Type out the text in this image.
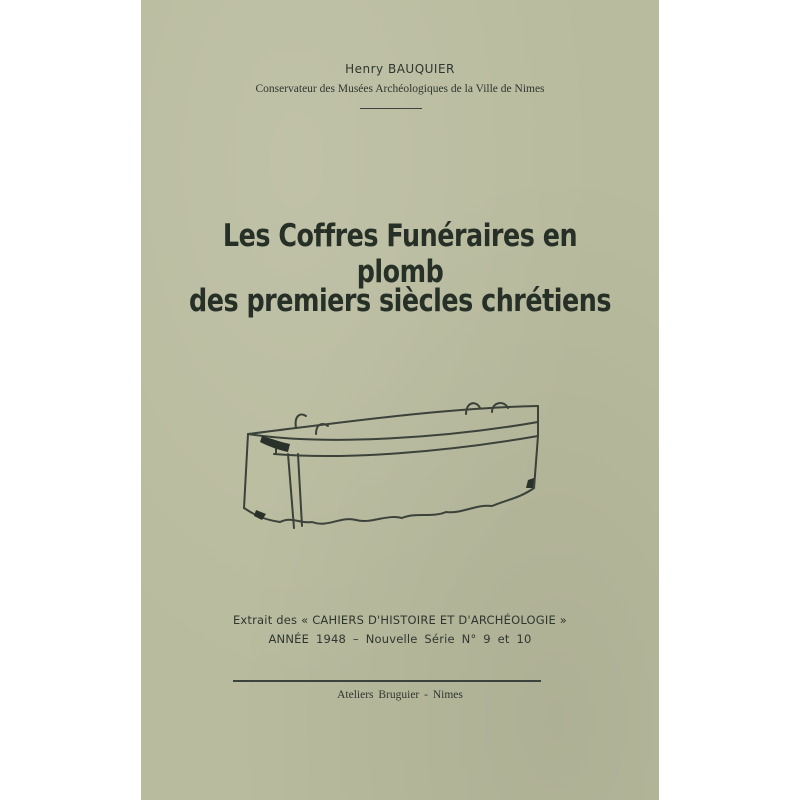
Henry BAUQUIER
Conservateur des Musées Archéologiques de la Ville de Nimes
Les Coffres Funéraires en plomb
des premiers siècles chrétiens
Extrait des « CAHIERS D'HISTOIRE ET D'ARCHÉOLOGIE »
ANNÉE 1948 – Nouvelle Série N° 9 et 10
Ateliers Bruguier - Nimes
